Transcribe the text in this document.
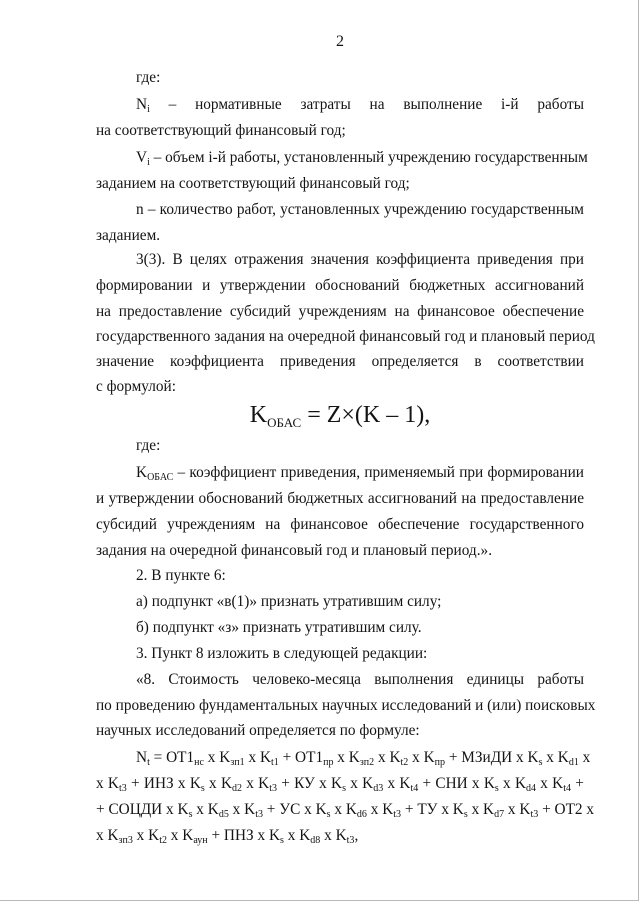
2
где:
$N_i$ – нормативные затраты на выполнение i-й работы
на соответствующий финансовый год;
$V_i$ – объем i-й работы, установленный учреждению государственным
заданием на соответствующий финансовый год;
n – количество работ, установленных учреждению государственным
заданием.
3(3). В целях отражения значения коэффициента приведения при
формировании и утверждении обоснований бюджетных ассигнований
на предоставление субсидий учреждениям на финансовое обеспечение
государственного задания на очередной финансовый год и плановый период
значение коэффициента приведения определяется в соответствии
с формулой:
$K_{ОБАС} = Z\times(K - 1)$,
где:
$K_{ОБАС}$ – коэффициент приведения, применяемый при формировании
и утверждении обоснований бюджетных ассигнований на предоставление
субсидий учреждениям на финансовое обеспечение государственного
задания на очередной финансовый год и плановый период.».
2. В пункте 6:
а) подпункт «в(1)» признать утратившим силу;
б) подпункт «з» признать утратившим силу.
3. Пункт 8 изложить в следующей редакции:
«8. Стоимость человеко-месяца выполнения единицы работы
по проведению фундаментальных научных исследований и (или) поисковых
научных исследований определяется по формуле:
$N_t = ОТ1_{нс}$ x $K_{зп1}$ x $K_{t1} + ОТ1_{пр}$ x $K_{зп2}$ x $K_{t2}$ x $K_{пр}$ + МЗиДИ x $K_s$ x $K_{d1}$ x
x $K_{t3}$ + ИНЗ x $K_s$ x $K_{d2}$ x $K_{t3}$ + КУ x $K_s$ x $K_{d3}$ x $K_{t4}$ + СНИ x $K_s$ x $K_{d4}$ x $K_{t4}$ +
+ СОЦДИ x $K_s$ x $K_{d5}$ x $K_{t3}$ + УС x $K_s$ x $K_{d6}$ x $K_{t3}$ + ТУ x $K_s$ x $K_{d7}$ x $K_{t3} + ОТ2$ x
x $K_{зп3}$ x $K_{t2}$ x $K_{аун}$ + ПНЗ x $K_s$ x $K_{d8}$ x $K_{t3}$,
